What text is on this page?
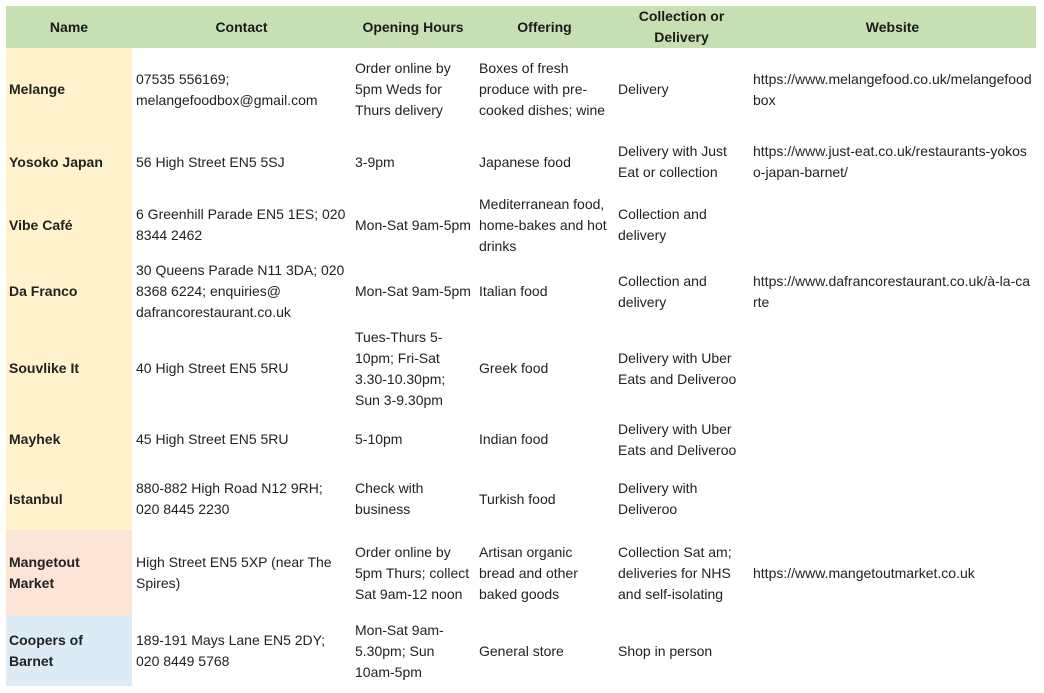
Name	Contact	Opening Hours	Offering	Collection or Delivery	Website
Melange	07535 556169; melangefoodbox@gmail.com	Order online by 5pm Weds for Thurs delivery	Boxes of fresh produce with pre-cooked dishes; wine	Delivery	https://www.melangefood.co.uk/melangefoodbox
Yosoko Japan	56 High Street EN5 5SJ	3-9pm	Japanese food	Delivery with Just Eat or collection	https://www.just-eat.co.uk/restaurants-yokoso-japan-barnet/
Vibe Café	6 Greenhill Parade EN5 1ES; 020 8344 2462	Mon-Sat 9am-5pm	Mediterranean food, home-bakes and hot drinks	Collection and delivery	
Da Franco	30 Queens Parade N11 3DA; 020 8368 6224; enquiries@ dafrancorestaurant.co.uk	Mon-Sat 9am-5pm	Italian food	Collection and delivery	https://www.dafrancorestaurant.co.uk/à-la-carte
Souvlike It	40 High Street EN5 5RU	Tues-Thurs 5-10pm; Fri-Sat 3.30-10.30pm; Sun 3-9.30pm	Greek food	Delivery with Uber Eats and Deliveroo	
Mayhek	45 High Street EN5 5RU	5-10pm	Indian food	Delivery with Uber Eats and Deliveroo	
Istanbul	880-882 High Road N12 9RH; 020 8445 2230	Check with business	Turkish food	Delivery with Deliveroo	
Mangetout Market	High Street EN5 5XP (near The Spires)	Order online by 5pm Thurs; collect Sat 9am-12 noon	Artisan organic bread and other baked goods	Collection Sat am; deliveries for NHS and self-isolating	https://www.mangetoutmarket.co.uk
Coopers of Barnet	189-191 Mays Lane EN5 2DY; 020 8449 5768	Mon-Sat 9am-5.30pm; Sun 10am-5pm	General store	Shop in person	
